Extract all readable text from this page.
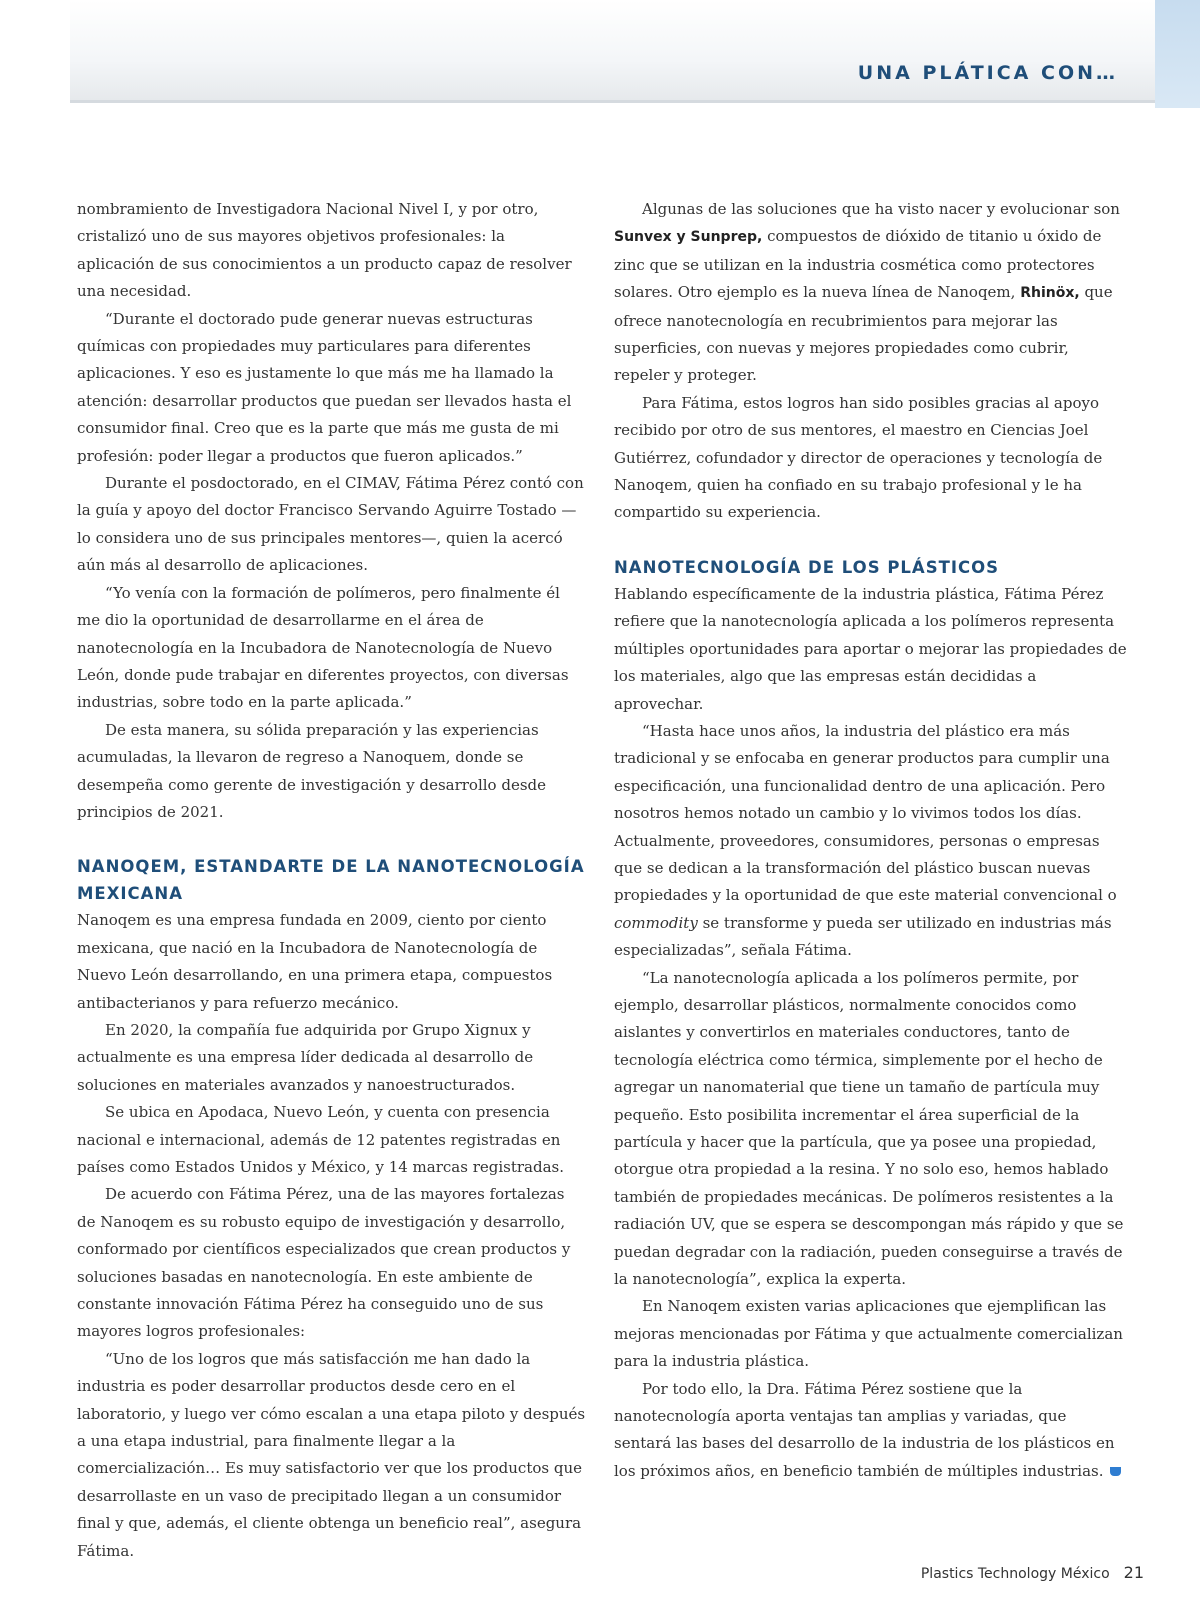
UNA PLÁTICA CON…

nombramiento de Investigadora Nacional Nivel I, y por otro, cristalizó uno de sus mayores objetivos profesionales: la aplicación de sus conocimientos a un producto capaz de resolver una necesidad.

“Durante el doctorado pude generar nuevas estructuras químicas con propiedades muy particulares para diferentes aplicaciones. Y eso es justamente lo que más me ha llamado la atención: desarrollar productos que puedan ser llevados hasta el consumidor final. Creo que es la parte que más me gusta de mi profesión: poder llegar a productos que fueron aplicados.”

Durante el posdoctorado, en el CIMAV, Fátima Pérez contó con la guía y apoyo del doctor Francisco Servando Aguirre Tostado —lo considera uno de sus principales mentores—, quien la acercó aún más al desarrollo de aplicaciones.

“Yo venía con la formación de polímeros, pero finalmente él me dio la oportunidad de desarrollarme en el área de nanotecnología en la Incubadora de Nanotecnología de Nuevo León, donde pude trabajar en diferentes proyectos, con diversas industrias, sobre todo en la parte aplicada.”

De esta manera, su sólida preparación y las experiencias acumuladas, la llevaron de regreso a Nanoquem, donde se desempeña como gerente de investigación y desarrollo desde principios de 2021.

NANOQEM, ESTANDARTE DE LA NANOTECNOLOGÍA MEXICANA

Nanoqem es una empresa fundada en 2009, ciento por ciento mexicana, que nació en la Incubadora de Nanotecnología de Nuevo León desarrollando, en una primera etapa, compuestos antibacterianos y para refuerzo mecánico.

En 2020, la compañía fue adquirida por Grupo Xignux y actualmente es una empresa líder dedicada al desarrollo de soluciones en materiales avanzados y nanoestructurados.

Se ubica en Apodaca, Nuevo León, y cuenta con presencia nacional e internacional, además de 12 patentes registradas en países como Estados Unidos y México, y 14 marcas registradas.

De acuerdo con Fátima Pérez, una de las mayores fortalezas de Nanoqem es su robusto equipo de investigación y desarrollo, conformado por científicos especializados que crean productos y soluciones basadas en nanotecnología. En este ambiente de constante innovación Fátima Pérez ha conseguido uno de sus mayores logros profesionales:

“Uno de los logros que más satisfacción me han dado la industria es poder desarrollar productos desde cero en el laboratorio, y luego ver cómo escalan a una etapa piloto y después a una etapa industrial, para finalmente llegar a la comercialización… Es muy satisfactorio ver que los productos que desarrollaste en un vaso de precipitado llegan a un consumidor final y que, además, el cliente obtenga un beneficio real”, asegura Fátima.

Algunas de las soluciones que ha visto nacer y evolucionar son Sunvex y Sunprep, compuestos de dióxido de titanio u óxido de zinc que se utilizan en la industria cosmética como protectores solares. Otro ejemplo es la nueva línea de Nanoqem, Rhinöx, que ofrece nanotecnología en recubrimientos para mejorar las superficies, con nuevas y mejores propiedades como cubrir, repeler y proteger.

Para Fátima, estos logros han sido posibles gracias al apoyo recibido por otro de sus mentores, el maestro en Ciencias Joel Gutiérrez, cofundador y director de operaciones y tecnología de Nanoqem, quien ha confiado en su trabajo profesional y le ha compartido su experiencia.

NANOTECNOLOGÍA DE LOS PLÁSTICOS

Hablando específicamente de la industria plástica, Fátima Pérez refiere que la nanotecnología aplicada a los polímeros representa múltiples oportunidades para aportar o mejorar las propiedades de los materiales, algo que las empresas están decididas a aprovechar.

“Hasta hace unos años, la industria del plástico era más tradicional y se enfocaba en generar productos para cumplir una especificación, una funcionalidad dentro de una aplicación. Pero nosotros hemos notado un cambio y lo vivimos todos los días. Actualmente, proveedores, consumidores, personas o empresas que se dedican a la transformación del plástico buscan nuevas propiedades y la oportunidad de que este material convencional o commodity se transforme y pueda ser utilizado en industrias más especializadas”, señala Fátima.

“La nanotecnología aplicada a los polímeros permite, por ejemplo, desarrollar plásticos, normalmente conocidos como aislantes y convertirlos en materiales conductores, tanto de tecnología eléctrica como térmica, simplemente por el hecho de agregar un nanomaterial que tiene un tamaño de partícula muy pequeño. Esto posibilita incrementar el área superficial de la partícula y hacer que la partícula, que ya posee una propiedad, otorgue otra propiedad a la resina. Y no solo eso, hemos hablado también de propiedades mecánicas. De polímeros resistentes a la radiación UV, que se espera se descompongan más rápido y que se puedan degradar con la radiación, pueden conseguirse a través de la nanotecnología”, explica la experta.

En Nanoqem existen varias aplicaciones que ejemplifican las mejoras mencionadas por Fátima y que actualmente comercializan para la industria plástica.

Por todo ello, la Dra. Fátima Pérez sostiene que la nanotecnología aporta ventajas tan amplias y variadas, que sentará las bases del desarrollo de la industria de los plásticos en los próximos años, en beneficio también de múltiples industrias.

Plastics Technology México 21
